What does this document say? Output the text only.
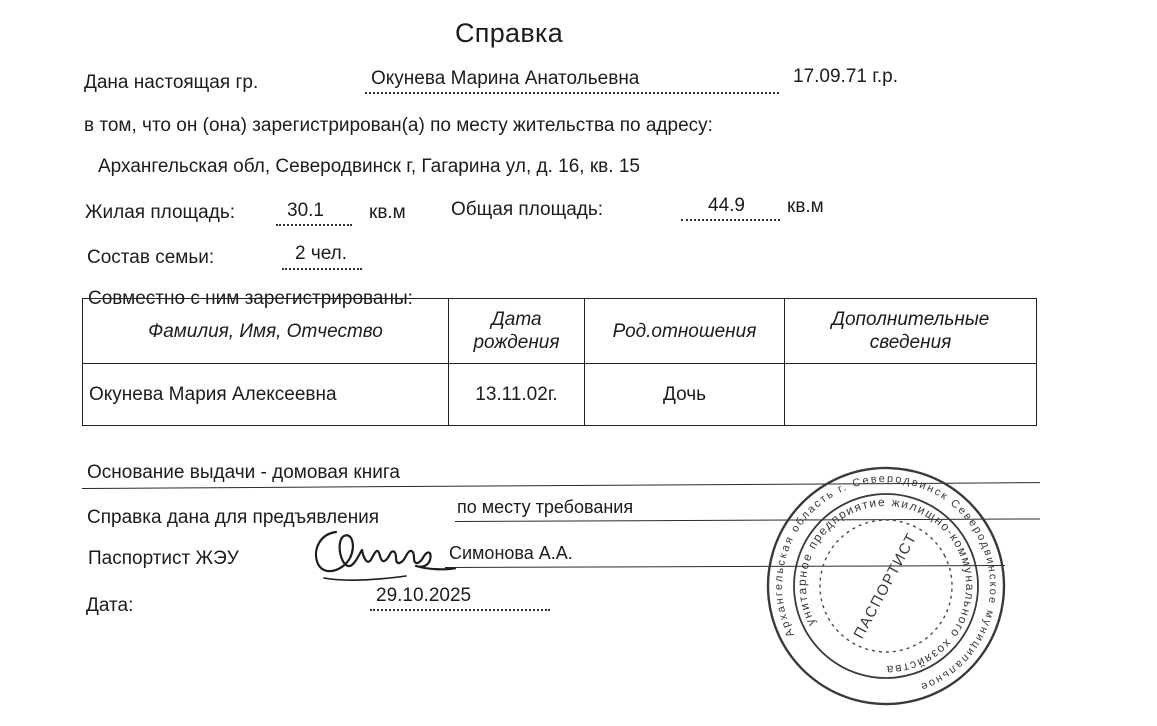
Справка
Дана настоящая гр.	Окунева Марина Анатольевна	17.09.71 г.р.
в том, что он (она) зарегистрирован(а) по месту жительства по адресу:
Архангельская обл, Северодвинск г, Гагарина ул, д. 16, кв. 15
Жилая площадь:	30.1 кв.м Общая площадь:	44.9 кв.м
Состав семьи:	2 чел.
Совместно с ним зарегистрированы:
Фамилия, Имя, Отчество	Дата рождения	Род.отношения	Дополнительные сведения
Окунева Мария Алексеевна	13.11.02г.	Дочь	
Основание выдачи - домовая книга
Справка дана для предъявления	по месту требования
Паспортист ЖЭУ	Симонова А.А.
Дата:	29.10.2025
Архангельская область г. Северодвинск Северодвинское муниципальное
унитарное предприятие жилищно-коммунального хозяйства
ПАСПОРТИСТ
